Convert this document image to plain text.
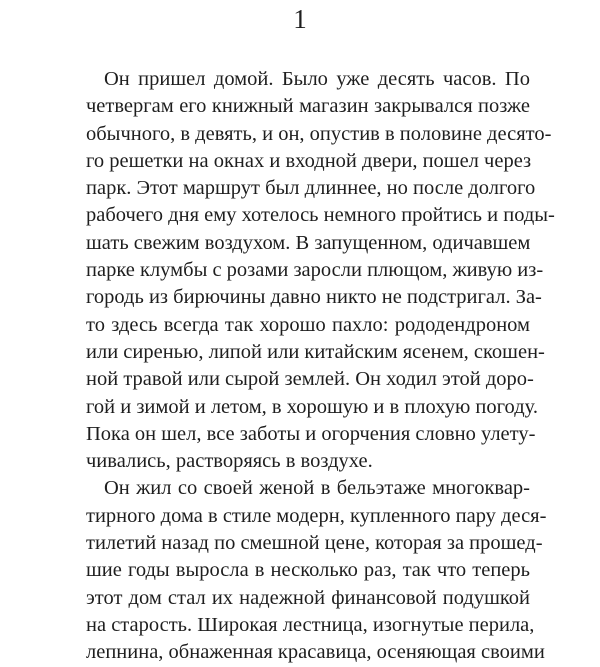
1
Он пришел домой. Было уже десять часов. По
четвергам его книжный магазин закрывался позже
обычного, в девять, и он, опустив в половине десято-
го решетки на окнах и входной двери, пошел через
парк. Этот маршрут был длиннее, но после долгого
рабочего дня ему хотелось немного пройтись и поды-
шать свежим воздухом. В запущенном, одичавшем
парке клумбы с розами заросли плющом, живую из-
городь из бирючины давно никто не подстригал. За-
то здесь всегда так хорошо пахло: рододендроном
или сиренью, липой или китайским ясенем, скошен-
ной травой или сырой землей. Он ходил этой доро-
гой и зимой и летом, в хорошую и в плохую погоду.
Пока он шел, все заботы и огорчения словно улету-
чивались, растворяясь в воздухе.
Он жил со своей женой в бельэтаже многоквар-
тирного дома в стиле модерн, купленного пару деся-
тилетий назад по смешной цене, которая за прошед-
шие годы выросла в несколько раз, так что теперь
этот дом стал их надежной финансовой подушкой
на старость. Широкая лестница, изогнутые перила,
лепнина, обнаженная красавица, осеняющая своими
